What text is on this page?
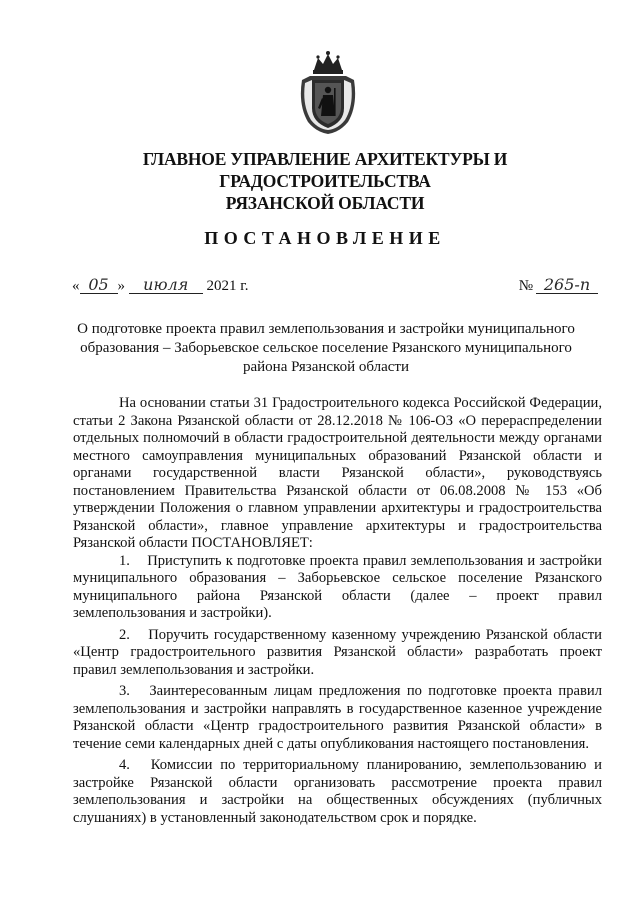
ГЛАВНОЕ УПРАВЛЕНИЕ АРХИТЕКТУРЫ И ГРАДОСТРОИТЕЛЬСТВА
РЯЗАНСКОЙ ОБЛАСТИ
ПОСТАНОВЛЕНИЕ
« 05 » июля 2021 г.	№ 265-п
О подготовке проекта правил землепользования и застройки муниципального
образования – Заборьевское сельское поселение Рязанского муниципального
района Рязанской области

На основании статьи 31 Градостроительного кодекса Российской Федерации, статьи 2 Закона Рязанской области от 28.12.2018 № 106-ОЗ «О перераспределении отдельных полномочий в области градостроительной деятельности между органами местного самоуправления муниципальных образований Рязанской области и органами государственной власти Рязанской области», руководствуясь постановлением Правительства Рязанской области от 06.08.2008 № 153 «Об утверждении Положения о главном управлении архитектуры и градостроительства Рязанской области», главное управление архитектуры и градостроительства Рязанской области ПОСТАНОВЛЯЕТ:

1. Приступить к подготовке проекта правил землепользования и застройки муниципального образования – Заборьевское сельское поселение Рязанского муниципального района Рязанской области (далее – проект правил землепользования и застройки).

2. Поручить государственному казенному учреждению Рязанской области «Центр градостроительного развития Рязанской области» разработать проект правил землепользования и застройки.

3. Заинтересованным лицам предложения по подготовке проекта правил землепользования и застройки направлять в государственное казенное учреждение Рязанской области «Центр градостроительного развития Рязанской области» в течение семи календарных дней с даты опубликования настоящего постановления.

4. Комиссии по территориальному планированию, землепользованию и застройке Рязанской области организовать рассмотрение проекта правил землепользования и застройки на общественных обсуждениях (публичных слушаниях) в установленный законодательством срок и порядке.
